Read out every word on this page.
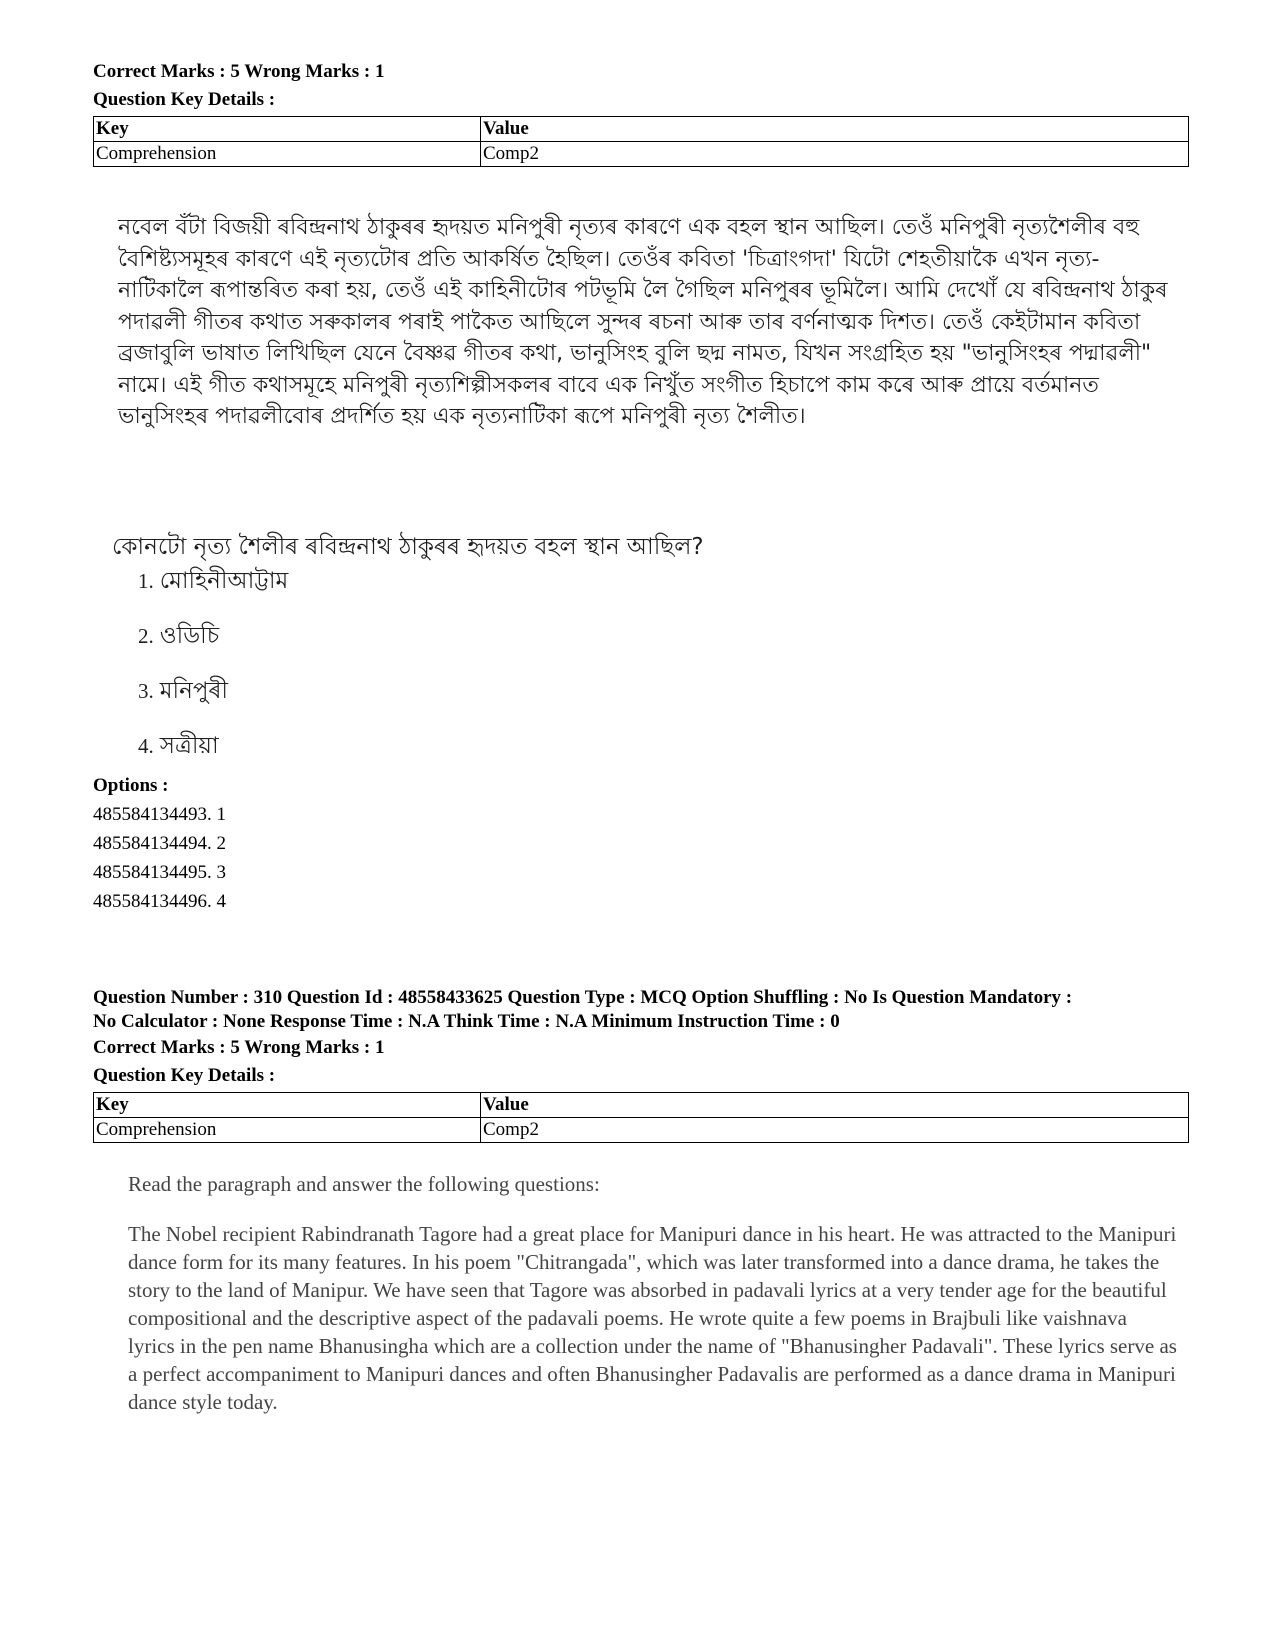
Correct Marks : 5 Wrong Marks : 1
Question Key Details :
Key	Value
Comprehension	Comp2
নবেল বঁটা বিজয়ী ৰবিন্দ্ৰনাথ ঠাকুৰৰ হৃদয়ত মনিপুৰী নৃত্যৰ কাৰণে এক বহল স্থান আছিল। তেওঁ মনিপুৰী নৃত্যশৈলীৰ বহু বৈশিষ্ট্যসমূহৰ কাৰণে এই নৃত্যটোৰ প্ৰতি আকৰ্ষিত হৈছিল। তেওঁৰ কবিতা 'চিত্ৰাংগদা' যিটো শেহতীয়াকৈ এখন নৃত্য-নাটিকালৈ ৰূপান্তৰিত কৰা হয়, তেওঁ এই কাহিনীটোৰ পটভূমি লৈ গৈছিল মনিপুৰৰ ভূমিলৈ। আমি দেখোঁ যে ৰবিন্দ্ৰনাথ ঠাকুৰ পদাৱলী গীতৰ কথাত সৰুকালৰ পৰাই পাকৈত আছিলে সুন্দৰ ৰচনা আৰু তাৰ বৰ্ণনাত্মক দিশত। তেওঁ কেইটামান কবিতা ব্ৰজাবুলি ভাষাত লিখিছিল যেনে বৈষ্ণৱ গীতৰ কথা, ভানুসিংহ বুলি ছদ্ম নামত, যিখন সংগ্ৰহিত হয় "ভানুসিংহৰ পদ্মাৱলী" নামে। এই গীত কথাসমূহে মনিপুৰী নৃত্যশিল্পীসকলৰ বাবে এক নিখুঁত সংগীত হিচাপে কাম কৰে আৰু প্ৰায়ে বৰ্তমানত ভানুসিংহৰ পদাৱলীবোৰ প্ৰদৰ্শিত হয় এক নৃত্যনাটিকা ৰূপে মনিপুৰী নৃত্য শৈলীত।
কোনটো নৃত্য শৈলীৰ ৰবিন্দ্ৰনাথ ঠাকুৰৰ হৃদয়ত বহল স্থান আছিল?
1. মোহিনীআট্টাম
2. ওডিচি
3. মনিপুৰী
4. সত্ৰীয়া
Options :
485584134493. 1
485584134494. 2
485584134495. 3
485584134496. 4
Question Number : 310 Question Id : 48558433625 Question Type : MCQ Option Shuffling : No Is Question Mandatory :
No Calculator : None Response Time : N.A Think Time : N.A Minimum Instruction Time : 0
Correct Marks : 5 Wrong Marks : 1
Question Key Details :
Key	Value
Comprehension	Comp2
Read the paragraph and answer the following questions:
The Nobel recipient Rabindranath Tagore had a great place for Manipuri dance in his heart. He was attracted to the Manipuri dance form for its many features. In his poem "Chitrangada", which was later transformed into a dance drama, he takes the story to the land of Manipur. We have seen that Tagore was absorbed in padavali lyrics at a very tender age for the beautiful compositional and the descriptive aspect of the padavali poems. He wrote quite a few poems in Brajbuli like vaishnava lyrics in the pen name Bhanusingha which are a collection under the name of "Bhanusingher Padavali". These lyrics serve as a perfect accompaniment to Manipuri dances and often Bhanusingher Padavalis are performed as a dance drama in Manipuri dance style today.
